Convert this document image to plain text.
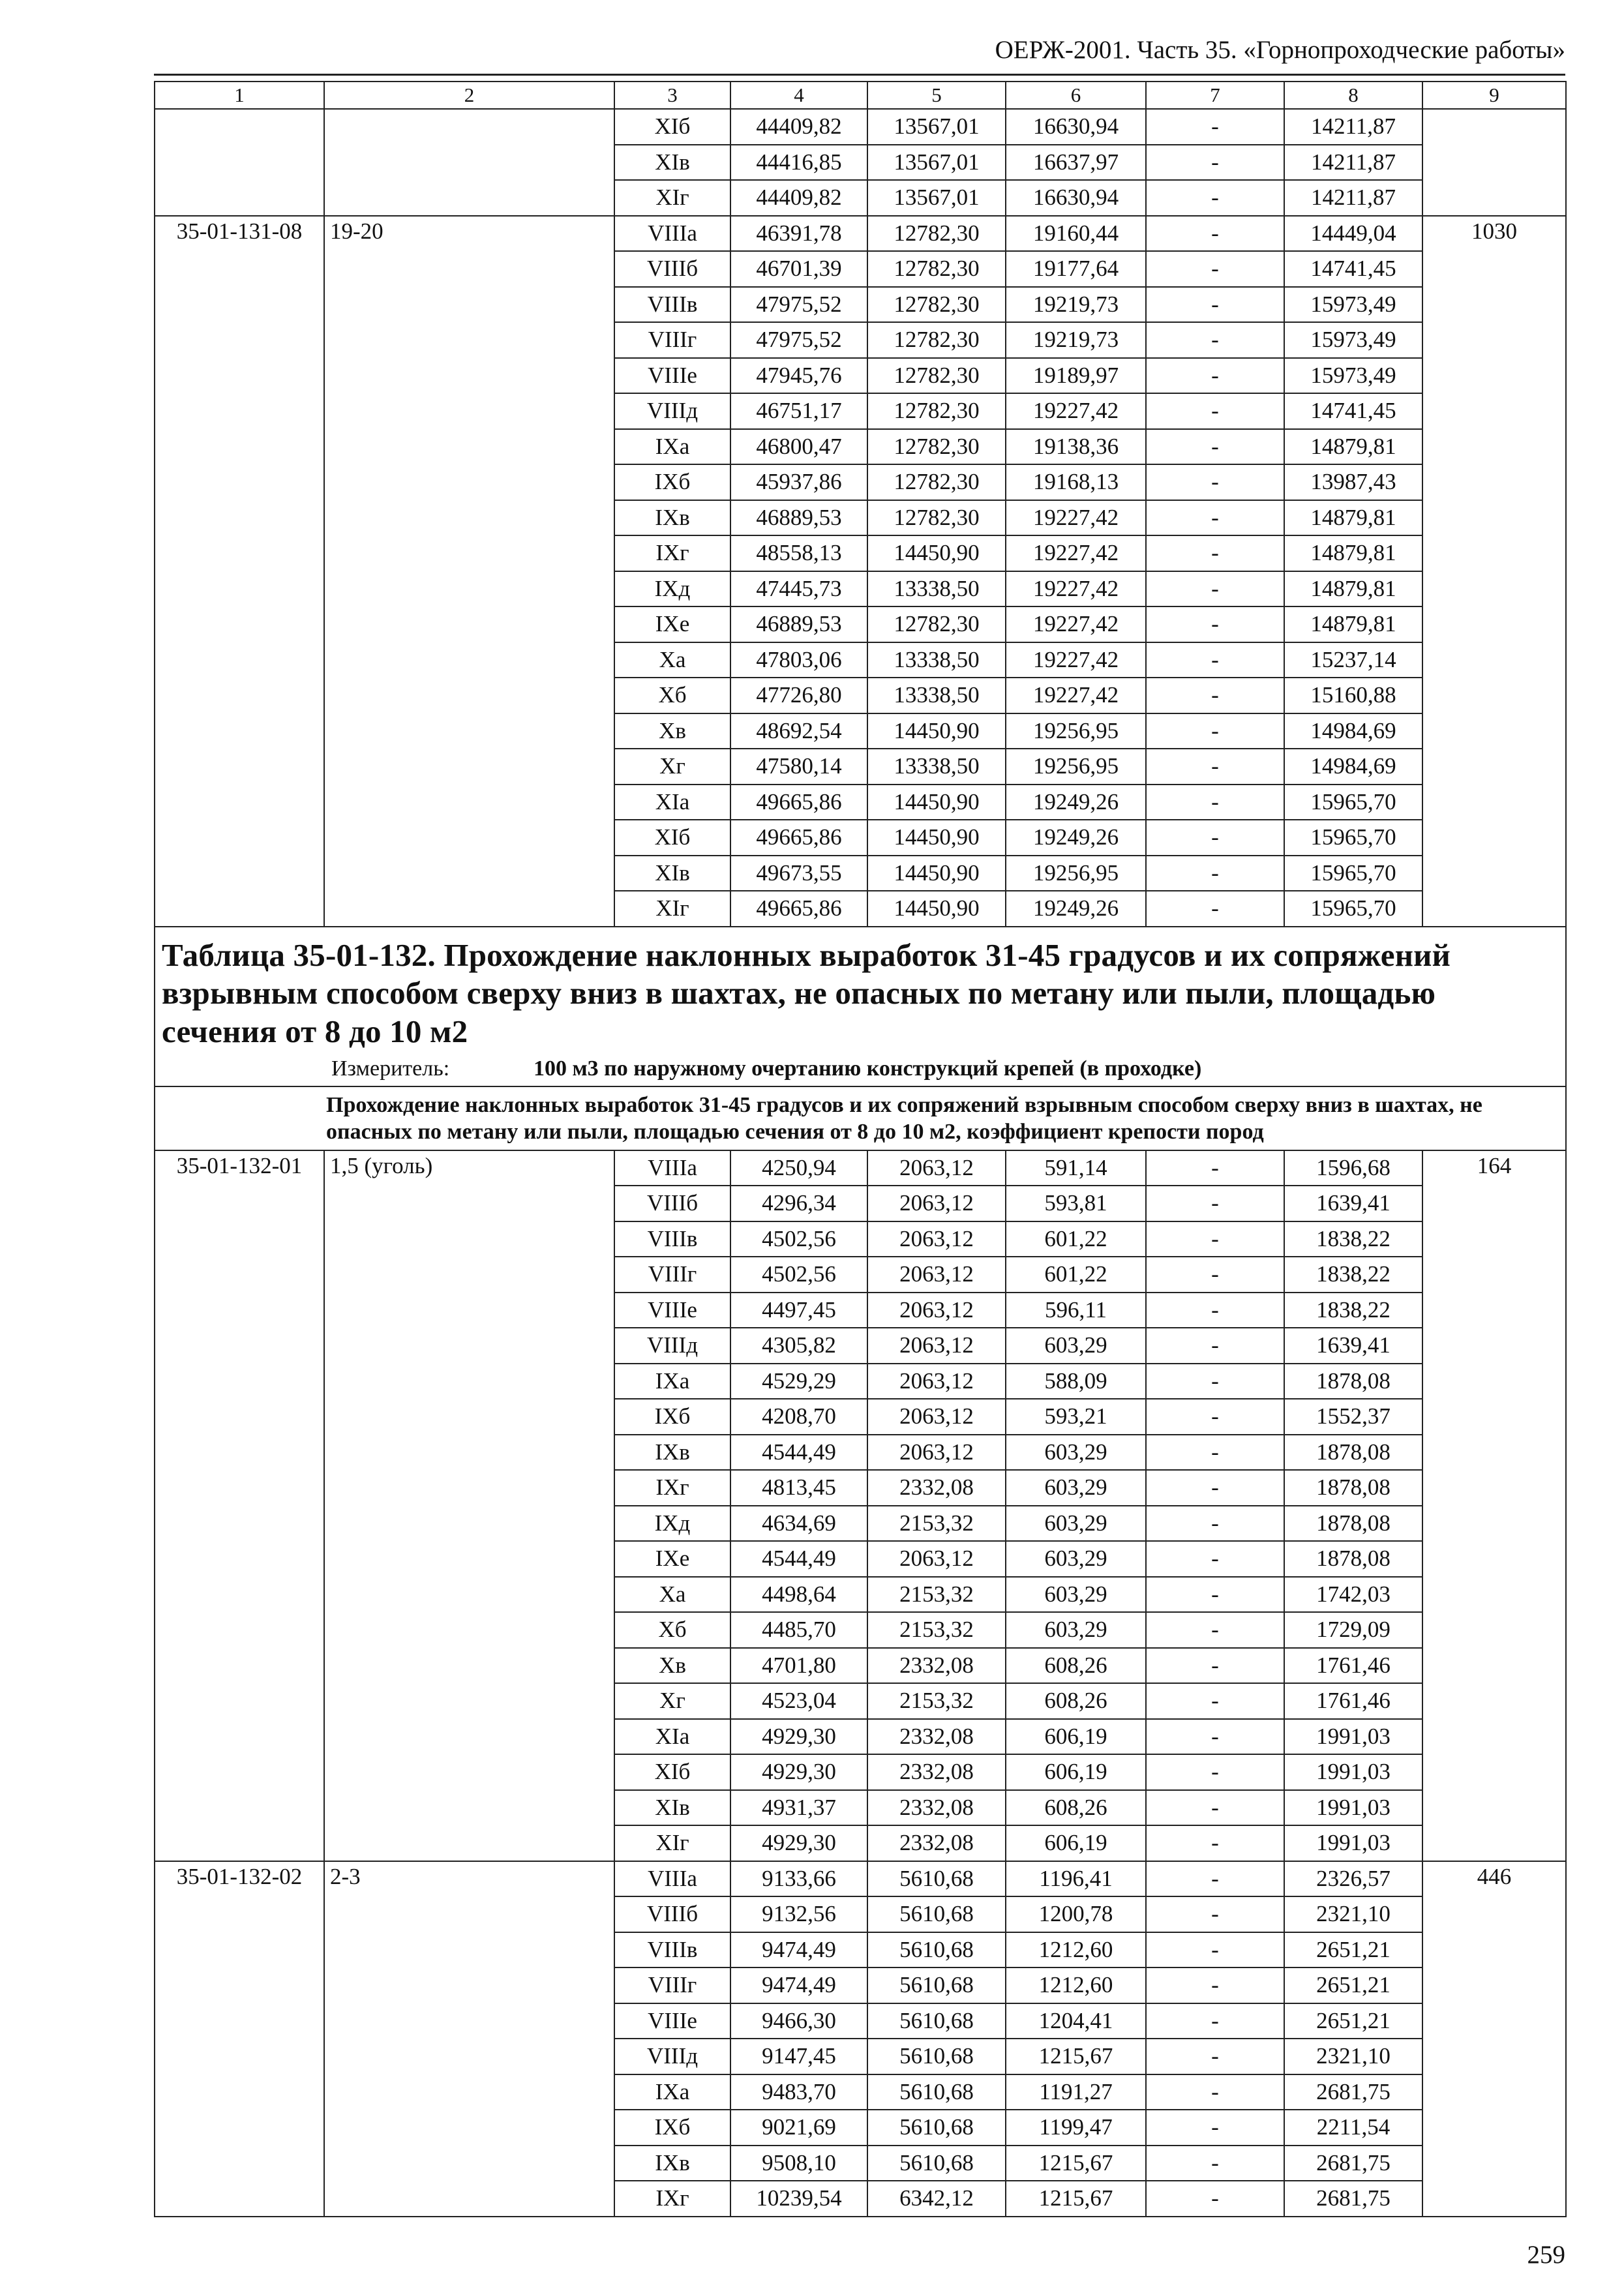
ОЕРЖ-2001. Часть 35. «Горнопроходческие работы»
1	2	3	4	5	6	7	8	9
		XIб	44409,82	13567,01	16630,94	-	14211,87	
		XIв	44416,85	13567,01	16637,97	-	14211,87	
		XIг	44409,82	13567,01	16630,94	-	14211,87	
35-01-131-08	19-20	VIIIа	46391,78	12782,30	19160,44	-	14449,04	1030
		VIIIб	46701,39	12782,30	19177,64	-	14741,45	
		VIIIв	47975,52	12782,30	19219,73	-	15973,49	
		VIIIг	47975,52	12782,30	19219,73	-	15973,49	
		VIIIе	47945,76	12782,30	19189,97	-	15973,49	
		VIIIд	46751,17	12782,30	19227,42	-	14741,45	
		IXа	46800,47	12782,30	19138,36	-	14879,81	
		IXб	45937,86	12782,30	19168,13	-	13987,43	
		IXв	46889,53	12782,30	19227,42	-	14879,81	
		IXг	48558,13	14450,90	19227,42	-	14879,81	
		IXд	47445,73	13338,50	19227,42	-	14879,81	
		IXе	46889,53	12782,30	19227,42	-	14879,81	
		Xа	47803,06	13338,50	19227,42	-	15237,14	
		Xб	47726,80	13338,50	19227,42	-	15160,88	
		Xв	48692,54	14450,90	19256,95	-	14984,69	
		Xг	47580,14	13338,50	19256,95	-	14984,69	
		XIа	49665,86	14450,90	19249,26	-	15965,70	
		XIб	49665,86	14450,90	19249,26	-	15965,70	
		XIв	49673,55	14450,90	19256,95	-	15965,70	
		XIг	49665,86	14450,90	19249,26	-	15965,70	

Таблица 35-01-132. Прохождение наклонных выработок 31-45 градусов и их сопряжений взрывным способом сверху вниз в шахтах, не опасных по метану или пыли, площадью сечения от 8 до 10 м2
Измеритель: 100 м3 по наружному очертанию конструкций крепей (в проходке)								

Прохождение наклонных выработок 31-45 градусов и их сопряжений взрывным способом сверху вниз в шахтах, не опасных по метану или пыли, площадью сечения от 8 до 10 м2, коэффициент крепости пород								
35-01-132-01	1,5 (уголь)	VIIIа	4250,94	2063,12	591,14	-	1596,68	164
		VIIIб	4296,34	2063,12	593,81	-	1639,41	
		VIIIв	4502,56	2063,12	601,22	-	1838,22	
		VIIIг	4502,56	2063,12	601,22	-	1838,22	
		VIIIе	4497,45	2063,12	596,11	-	1838,22	
		VIIIд	4305,82	2063,12	603,29	-	1639,41	
		IXа	4529,29	2063,12	588,09	-	1878,08	
		IXб	4208,70	2063,12	593,21	-	1552,37	
		IXв	4544,49	2063,12	603,29	-	1878,08	
		IXг	4813,45	2332,08	603,29	-	1878,08	
		IXд	4634,69	2153,32	603,29	-	1878,08	
		IXе	4544,49	2063,12	603,29	-	1878,08	
		Xа	4498,64	2153,32	603,29	-	1742,03	
		Xб	4485,70	2153,32	603,29	-	1729,09	
		Xв	4701,80	2332,08	608,26	-	1761,46	
		Xг	4523,04	2153,32	608,26	-	1761,46	
		XIа	4929,30	2332,08	606,19	-	1991,03	
		XIб	4929,30	2332,08	606,19	-	1991,03	
		XIв	4931,37	2332,08	608,26	-	1991,03	
		XIг	4929,30	2332,08	606,19	-	1991,03	
35-01-132-02	2-3	VIIIа	9133,66	5610,68	1196,41	-	2326,57	446
		VIIIб	9132,56	5610,68	1200,78	-	2321,10	
		VIIIв	9474,49	5610,68	1212,60	-	2651,21	
		VIIIг	9474,49	5610,68	1212,60	-	2651,21	
		VIIIе	9466,30	5610,68	1204,41	-	2651,21	
		VIIIд	9147,45	5610,68	1215,67	-	2321,10	
		IXа	9483,70	5610,68	1191,27	-	2681,75	
		IXб	9021,69	5610,68	1199,47	-	2211,54	
		IXв	9508,10	5610,68	1215,67	-	2681,75	
		IXг	10239,54	6342,12	1215,67	-	2681,75	
259
